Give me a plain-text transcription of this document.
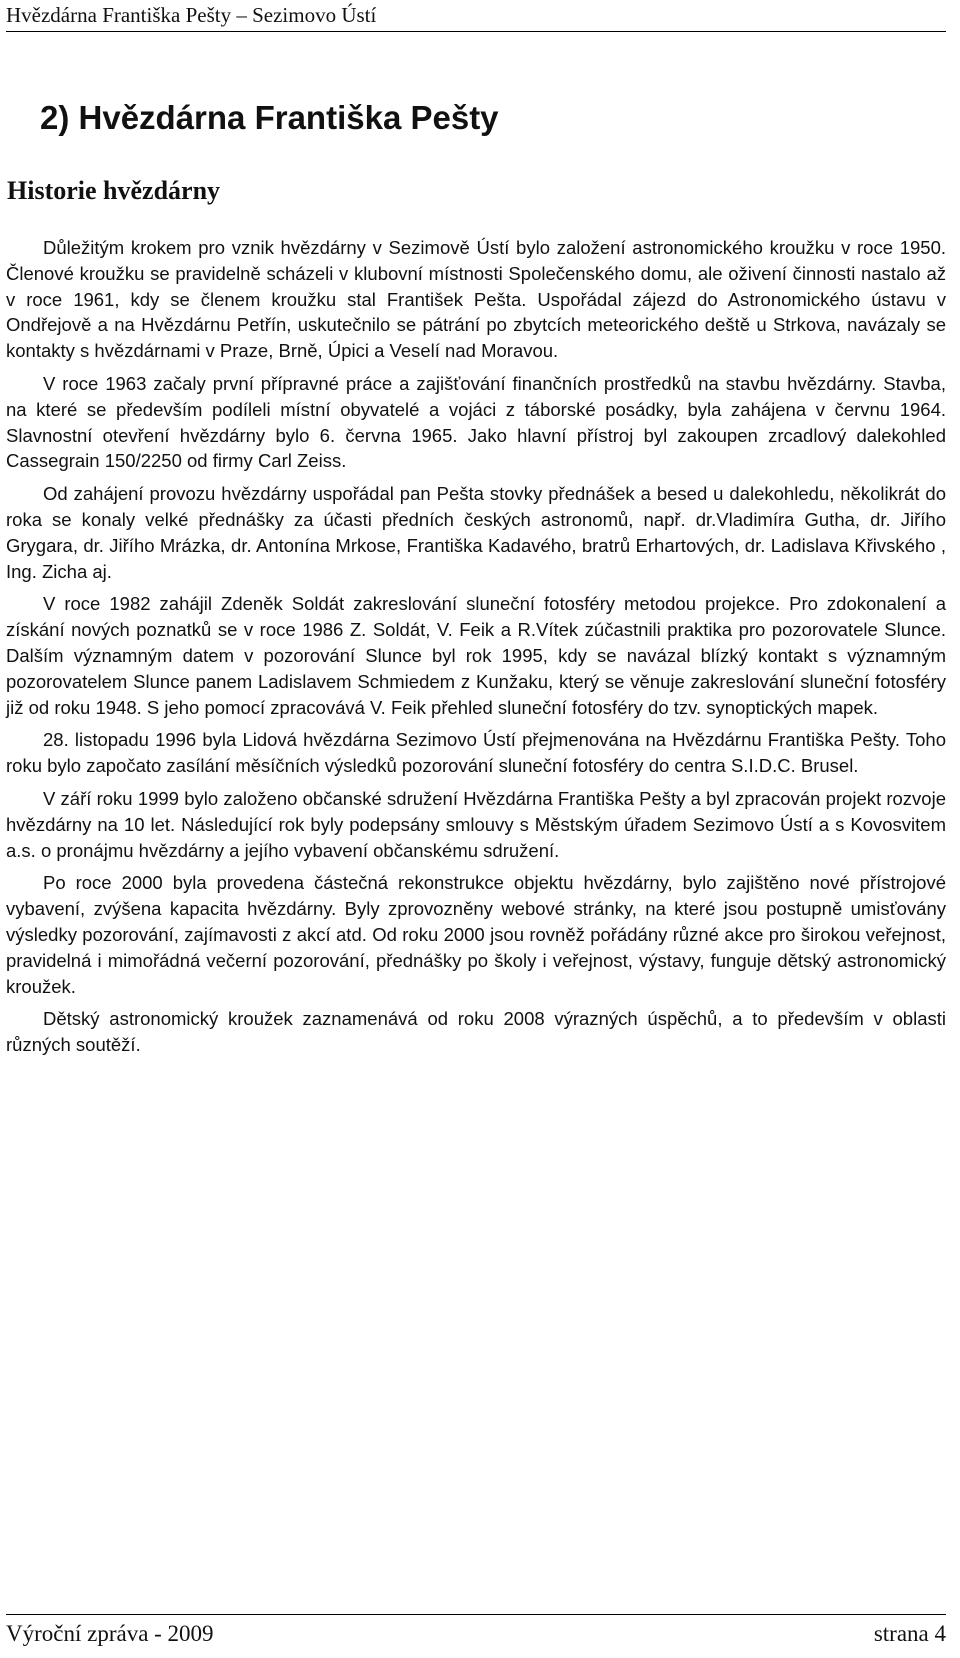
Hvězdárna Františka Pešty – Sezimovo Ústí
2) Hvězdárna Františka Pešty
Historie hvězdárny

Důležitým krokem pro vznik hvězdárny v Sezimově Ústí bylo založení astronomického kroužku v roce 1950. Členové kroužku se pravidelně scházeli v klubovní místnosti Společenského domu, ale oživení činnosti nastalo až v roce 1961, kdy se členem kroužku stal František Pešta. Uspořádal zájezd do Astronomického ústavu v Ondřejově a na Hvězdárnu Petřín, uskutečnilo se pátrání po zbytcích meteorického deště u Strkova, navázaly se kontakty s hvězdárnami v Praze, Brně, Úpici a Veselí nad Moravou.

V roce 1963 začaly první přípravné práce a zajišťování finančních prostředků na stavbu hvězdárny. Stavba, na které se především podíleli místní obyvatelé a vojáci z táborské posádky, byla zahájena v červnu 1964. Slavnostní otevření hvězdárny bylo 6. června 1965. Jako hlavní přístroj byl zakoupen zrcadlový dalekohled Cassegrain 150/2250 od firmy Carl Zeiss.

Od zahájení provozu hvězdárny uspořádal pan Pešta stovky přednášek a besed u dalekohledu, několikrát do roka se konaly velké přednášky za účasti předních českých astronomů, např. dr.Vladimíra Gutha, dr. Jiřího Grygara, dr. Jiřího Mrázka, dr. Antonína Mrkose, Františka Kadavého, bratrů Erhartových, dr. Ladislava Křivského , Ing. Zicha aj.

V roce 1982 zahájil Zdeněk Soldát zakreslování sluneční fotosféry metodou projekce. Pro zdokonalení a získání nových poznatků se v roce 1986 Z. Soldát, V. Feik a R.Vítek zúčastnili praktika pro pozorovatele Slunce. Dalším významným datem v pozorování Slunce byl rok 1995, kdy se navázal blízký kontakt s významným pozorovatelem Slunce panem Ladislavem Schmiedem z Kunžaku, který se věnuje zakreslování sluneční fotosféry již od roku 1948. S jeho pomocí zpracovává V. Feik přehled sluneční fotosféry do tzv. synoptických mapek.

28. listopadu 1996 byla Lidová hvězdárna Sezimovo Ústí přejmenována na Hvězdárnu Františka Pešty. Toho roku bylo započato zasílání měsíčních výsledků pozorování sluneční fotosféry do centra S.I.D.C. Brusel.

V září roku 1999 bylo založeno občanské sdružení Hvězdárna Františka Pešty a byl zpracován projekt rozvoje hvězdárny na 10 let. Následující rok byly podepsány smlouvy s Městským úřadem Sezimovo Ústí a s Kovosvitem a.s. o pronájmu hvězdárny a jejího vybavení občanskému sdružení.

Po roce 2000 byla provedena částečná rekonstrukce objektu hvězdárny, bylo zajištěno nové přístrojové vybavení, zvýšena kapacita hvězdárny. Byly zprovozněny webové stránky, na které jsou postupně umisťovány výsledky pozorování, zajímavosti z akcí atd. Od roku 2000 jsou rovněž pořádány různé akce pro širokou veřejnost, pravidelná i mimořádná večerní pozorování, přednášky po školy i veřejnost, výstavy, funguje dětský astronomický kroužek.

Dětský astronomický kroužek zaznamenává od roku 2008 výrazných úspěchů, a to především v oblasti různých soutěží.

Výroční zpráva - 2009	strana 4
